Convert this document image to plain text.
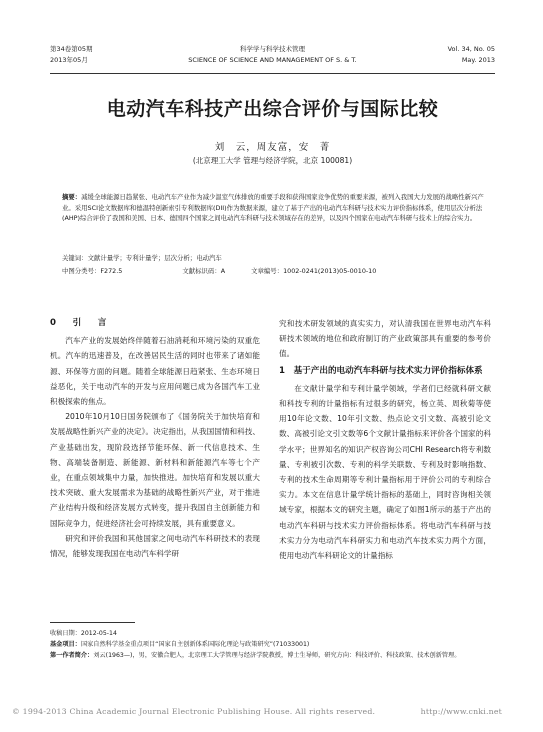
第34卷第05期
2013年05月
科学学与科学技术管理
SCIENCE OF SCIENCE AND MANAGEMENT OF S. & T.
Vol. 34, No. 05
May. 2013
电动汽车科技产出综合评价与国际比较
刘　云，周友富，安　菁
(北京理工大学 管理与经济学院，北京 100081)
摘要：减缓全球能源日趋紧张、电动汽车产业作为减少温室气体排放的重要手段和获得国家竞争优势的重要来源，被列入我国大力发展的战略性新兴产业。采用SCI论文数据库和德温特创新索引专利数据库(DII)作为数据来源，建立了基于产出的电动汽车科研与技术实力评价指标体系，使用层次分析法(AHP)综合评价了我国和美国、日本、德国四个国家之间电动汽车科研与技术领域存在的差异，以及四个国家在电动汽车科研与技术上的综合实力。
关键词：文献计量学；专利计量学；层次分析；电动汽车
中图分类号：F272.5	文献标识码：A	文章编号：1002-0241(2013)05-0010-10
0　引　言

汽车产业的发展始终伴随着石油消耗和环境污染的双重危机。汽车的迅速普及，在改善居民生活的同时也带来了诸如能源、环保等方面的问题。随着全球能源日趋紧张、生态环境日益恶化，关于电动汽车的开发与应用问题已成为各国汽车工业积极探索的焦点。

2010年10月10日国务院颁布了《国务院关于加快培育和发展战略性新兴产业的决定》。决定指出，从我国国情和科技、产业基础出发，现阶段选择节能环保、新一代信息技术、生物、高端装备制造、新能源、新材料和新能源汽车等七个产业，在重点领域集中力量，加快推进。加快培育和发展以重大技术突破、重大发展需求为基础的战略性新兴产业，对于推进产业结构升级和经济发展方式转变，提升我国自主创新能力和国际竞争力，促进经济社会可持续发展，具有重要意义。

研究和评价我国和其他国家之间电动汽车科研技术的表现情况，能够发现我国在电动汽车科学研

究和技术研发领域的真实实力，对认清我国在世界电动汽车科研技术领域的地位和政府制订的产业政策部具有重要的参考价值。

1　基于产出的电动汽车科研与技术实力评价指标体系

在文献计量学和专利计量学领域，学者们已经就科研文献和科技专利的计量指标有过很多的研究，杨立英、周秋菊等使用10年论文数、10年引文数、热点论文引文数、高被引论文数、高被引论文引文数等6个文献计量指标来评价各个国家的科学水平；世界知名的知识产权咨询公司CHI Research将专利数量、专利被引次数、专利的科学关联数、专利及时影响指数、专利的技术生命周期等专利计量指标用于评价公司的专利综合实力。本文在信息计量学统计指标的基础上，同时咨询相关领域专家，根据本文的研究主题，确定了如图1所示的基于产出的电动汽车科研与技术实力评价指标体系。将电动汽车科研与技术实力分为电动汽车科研实力和电动汽车技术实力两个方面，使用电动汽车科研论文的计量指标

收稿日期：2012-05-14
基金项目：国家自然科学基金重点项目“国家自主创新体系国际化理论与政策研究”(71033001)
第一作者简介：刘云(1963—)，男，安徽合肥人，北京理工大学管理与经济学院教授，博士生导师，研究方向：科技评价、科技政策、技术创新管理。
© 1994-2013 China Academic Journal Electronic Publishing House. All rights reserved.	http://www.cnki.net
